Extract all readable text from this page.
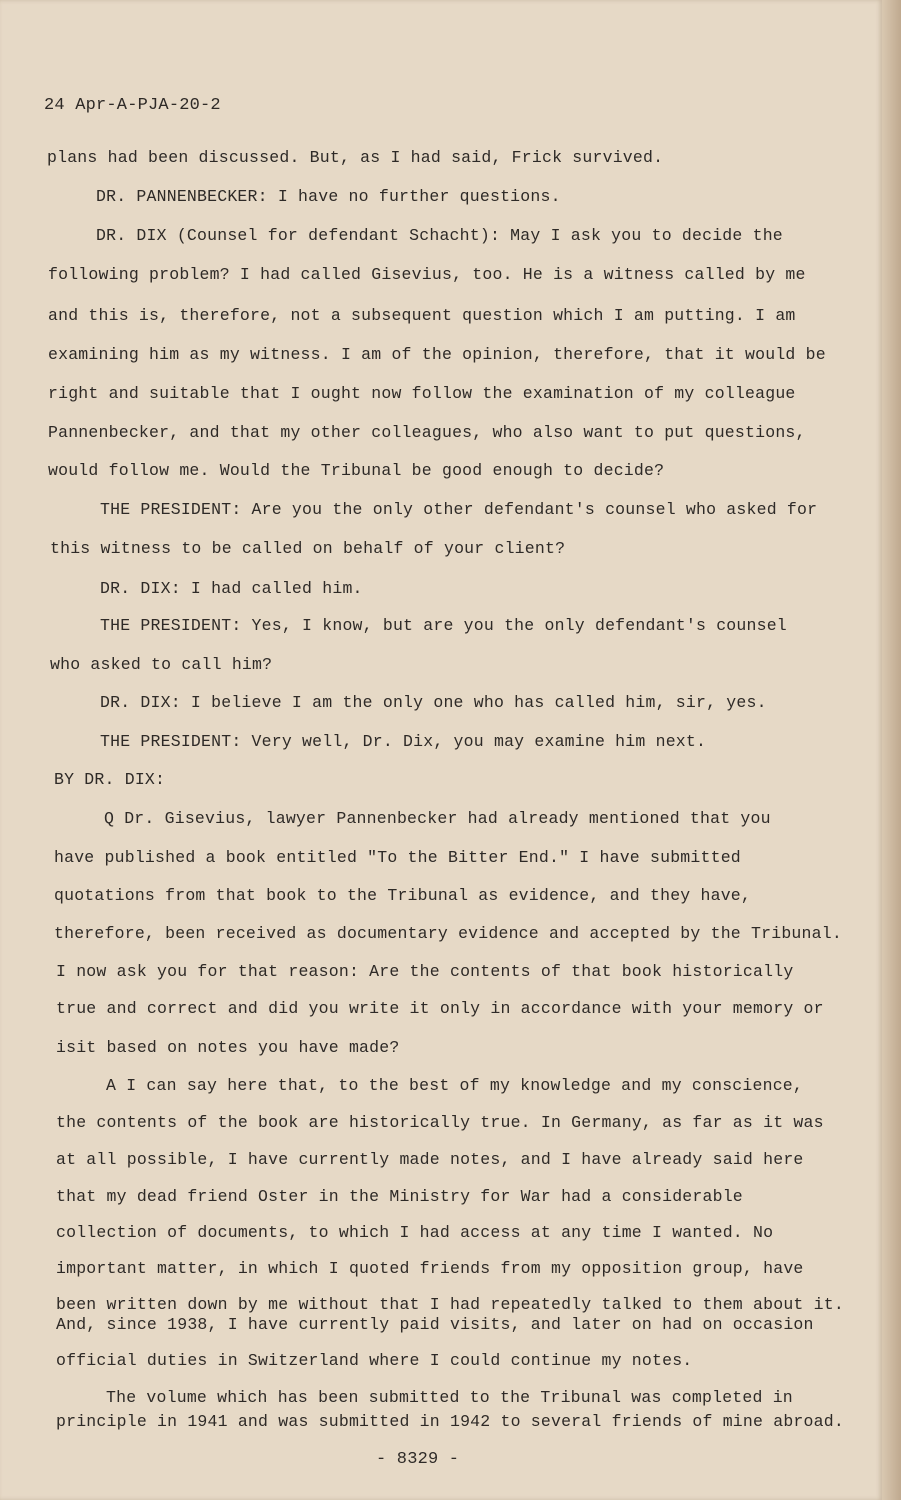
24 Apr-A-PJA-20-2
plans had been discussed. But, as I had said, Frick survived.
DR. PANNENBECKER: I have no further questions.
DR. DIX (Counsel for defendant Schacht): May I ask you to decide the
following problem? I had called Gisevius, too. He is a witness called by me
and this is, therefore, not a subsequent question which I am putting. I am
examining him as my witness. I am of the opinion, therefore, that it would be
right and suitable that I ought now follow the examination of my colleague
Pannenbecker, and that my other colleagues, who also want to put questions,
would follow me. Would the Tribunal be good enough to decide?
THE PRESIDENT: Are you the only other defendant's counsel who asked for
this witness to be called on behalf of your client?
DR. DIX: I had called him.
THE PRESIDENT: Yes, I know, but are you the only defendant's counsel
who asked to call him?
DR. DIX: I believe I am the only one who has called him, sir, yes.
THE PRESIDENT: Very well, Dr. Dix, you may examine him next.
BY DR. DIX:
Q Dr. Gisevius, lawyer Pannenbecker had already mentioned that you
have published a book entitled "To the Bitter End." I have submitted
quotations from that book to the Tribunal as evidence, and they have,
therefore, been received as documentary evidence and accepted by the Tribunal.
I now ask you for that reason: Are the contents of that book historically
true and correct and did you write it only in accordance with your memory or
isit based on notes you have made?
A I can say here that, to the best of my knowledge and my conscience,
the contents of the book are historically true. In Germany, as far as it was
at all possible, I have currently made notes, and I have already said here
that my dead friend Oster in the Ministry for War had a considerable
collection of documents, to which I had access at any time I wanted. No
important matter, in which I quoted friends from my opposition group, have
been written down by me without that I had repeatedly talked to them about it.
And, since 1938, I have currently paid visits, and later on had on occasion
official duties in Switzerland where I could continue my notes.
The volume which has been submitted to the Tribunal was completed in
principle in 1941 and was submitted in 1942 to several friends of mine abroad.
- 8329 -
